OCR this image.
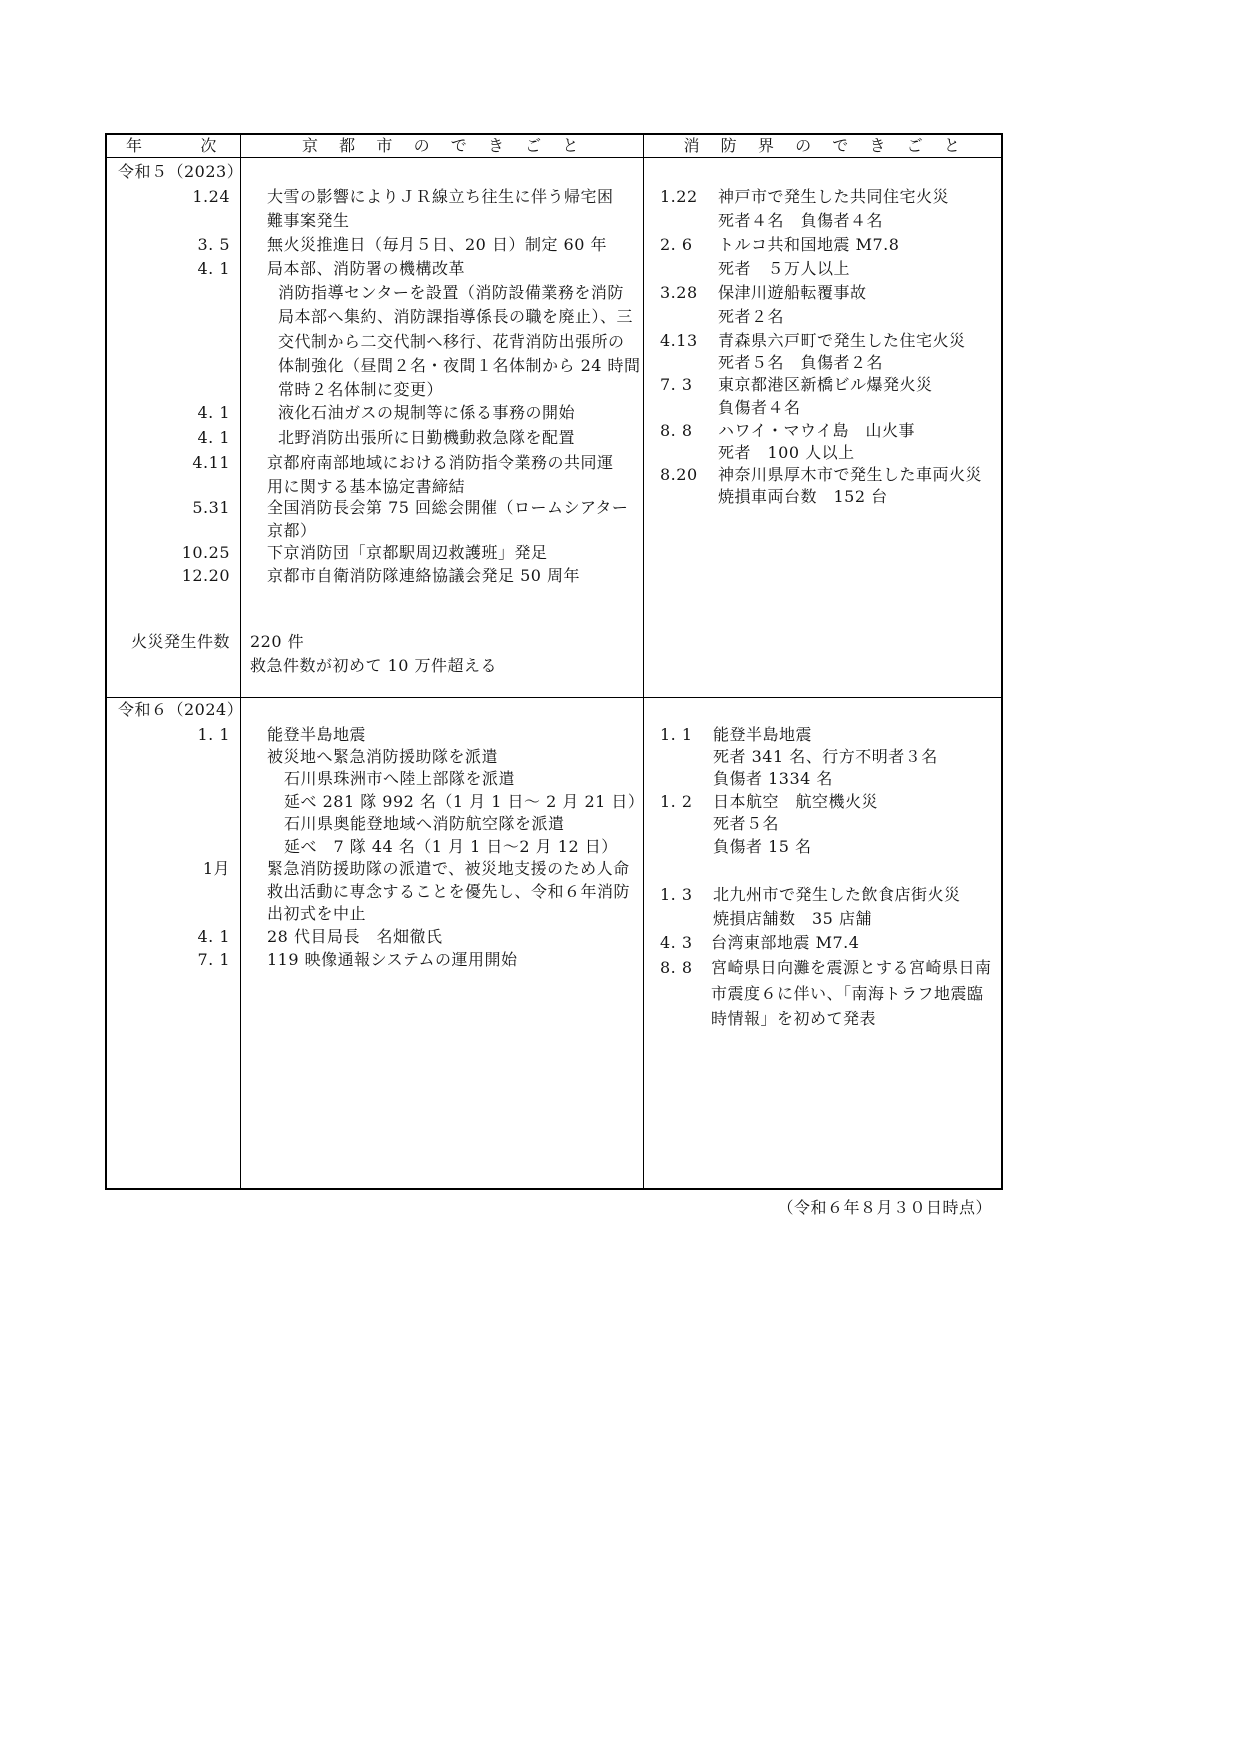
年　　　次	京　都　市　の　で　き　ご　と	消　防　界　の　で　き　ご　と
令和５（2023）
1.24
3. 5
4. 1
4. 1
4. 1
4.11
5.31
10.25
12.20
火災発生件数
大雪の影響によりＪＲ線立ち往生に伴う帰宅困
難事案発生
無火災推進日（毎月５日、20 日）制定 60 年
局本部、消防署の機構改革
消防指導センターを設置（消防設備業務を消防
局本部へ集約、消防課指導係長の職を廃止）、三
交代制から二交代制へ移行、花背消防出張所の
体制強化（昼間２名・夜間１名体制から 24 時間
常時２名体制に変更）
液化石油ガスの規制等に係る事務の開始
北野消防出張所に日勤機動救急隊を配置
京都府南部地域における消防指令業務の共同運
用に関する基本協定書締結
全国消防長会第 75 回総会開催（ロームシアター
京都）
下京消防団「京都駅周辺救護班」発足
京都市自衛消防隊連絡協議会発足 50 周年
220 件
救急件数が初めて 10 万件超える
1.22 神戸市で発生した共同住宅火災
死者４名　負傷者４名
2. 6 トルコ共和国地震 M7.8
死者　５万人以上
3.28 保津川遊船転覆事故
死者２名
4.13 青森県六戸町で発生した住宅火災
死者５名　負傷者２名
7. 3 東京都港区新橋ビル爆発火災
負傷者４名
8. 8 ハワイ・マウイ島　山火事
死者　100 人以上
8.20 神奈川県厚木市で発生した車両火災
焼損車両台数　152 台
令和６（2024）
1. 1
1月
4. 1
7. 1
能登半島地震
被災地へ緊急消防援助隊を派遣
石川県珠洲市へ陸上部隊を派遣
延べ 281 隊 992 名（1 月 1 日～ 2 月 21 日）
石川県奥能登地域へ消防航空隊を派遣
延べ　7 隊 44 名（1 月 1 日～2 月 12 日）
緊急消防援助隊の派遣で、被災地支援のため人命
救出活動に専念することを優先し、令和６年消防
出初式を中止
28 代目局長　名畑徹氏
119 映像通報システムの運用開始
1. 1 能登半島地震
死者 341 名、行方不明者３名
負傷者 1334 名
1. 2 日本航空　航空機火災
死者５名
負傷者 15 名
1. 3 北九州市で発生した飲食店街火災
焼損店舗数　35 店舗
4. 3 台湾東部地震 M7.4
8. 8 宮崎県日向灘を震源とする宮崎県日南
市震度６に伴い、「南海トラフ地震臨
時情報」を初めて発表
（令和６年８月３０日時点）
